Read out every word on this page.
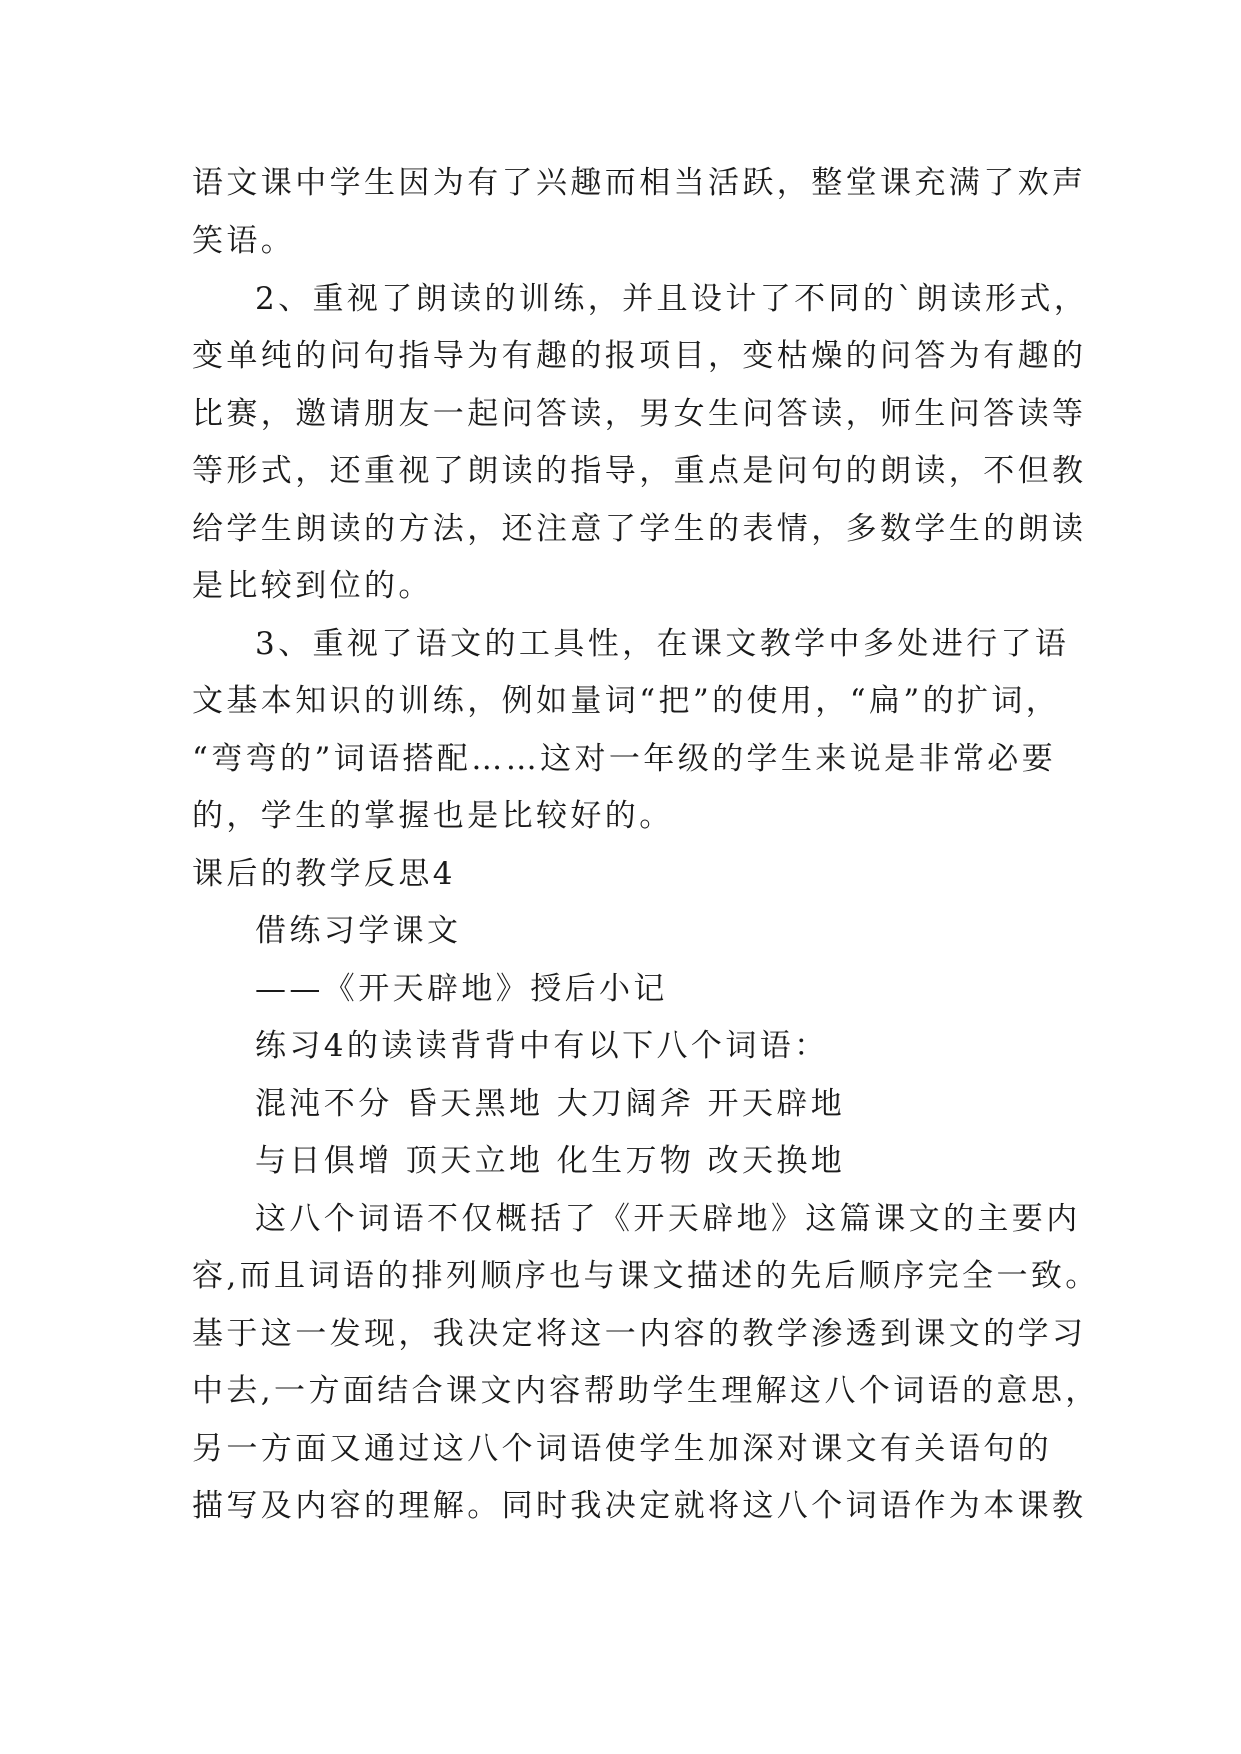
语文课中学生因为有了兴趣而相当活跃，整堂课充满了欢声
笑语。
2、重视了朗读的训练，并且设计了不同的`朗读形式，
变单纯的问句指导为有趣的报项目，变枯燥的问答为有趣的
比赛，邀请朋友一起问答读，男女生问答读，师生问答读等
等形式，还重视了朗读的指导，重点是问句的朗读，不但教
给学生朗读的方法，还注意了学生的表情，多数学生的朗读
是比较到位的。
3、重视了语文的工具性，在课文教学中多处进行了语
文基本知识的训练，例如量词“把”的使用，“扁”的扩词，
“弯弯的”词语搭配……这对一年级的学生来说是非常必要
的，学生的掌握也是比较好的。
课后的教学反思4
借练习学课文
——《开天辟地》授后小记
练习4的读读背背中有以下八个词语：
混沌不分 昏天黑地 大刀阔斧 开天辟地
与日俱增 顶天立地 化生万物 改天换地
这八个词语不仅概括了《开天辟地》这篇课文的主要内
容,而且词语的排列顺序也与课文描述的先后顺序完全一致。
基于这一发现，我决定将这一内容的教学渗透到课文的学习
中去,一方面结合课文内容帮助学生理解这八个词语的意思，
另一方面又通过这八个词语使学生加深对课文有关语句的
描写及内容的理解。同时我决定就将这八个词语作为本课教
